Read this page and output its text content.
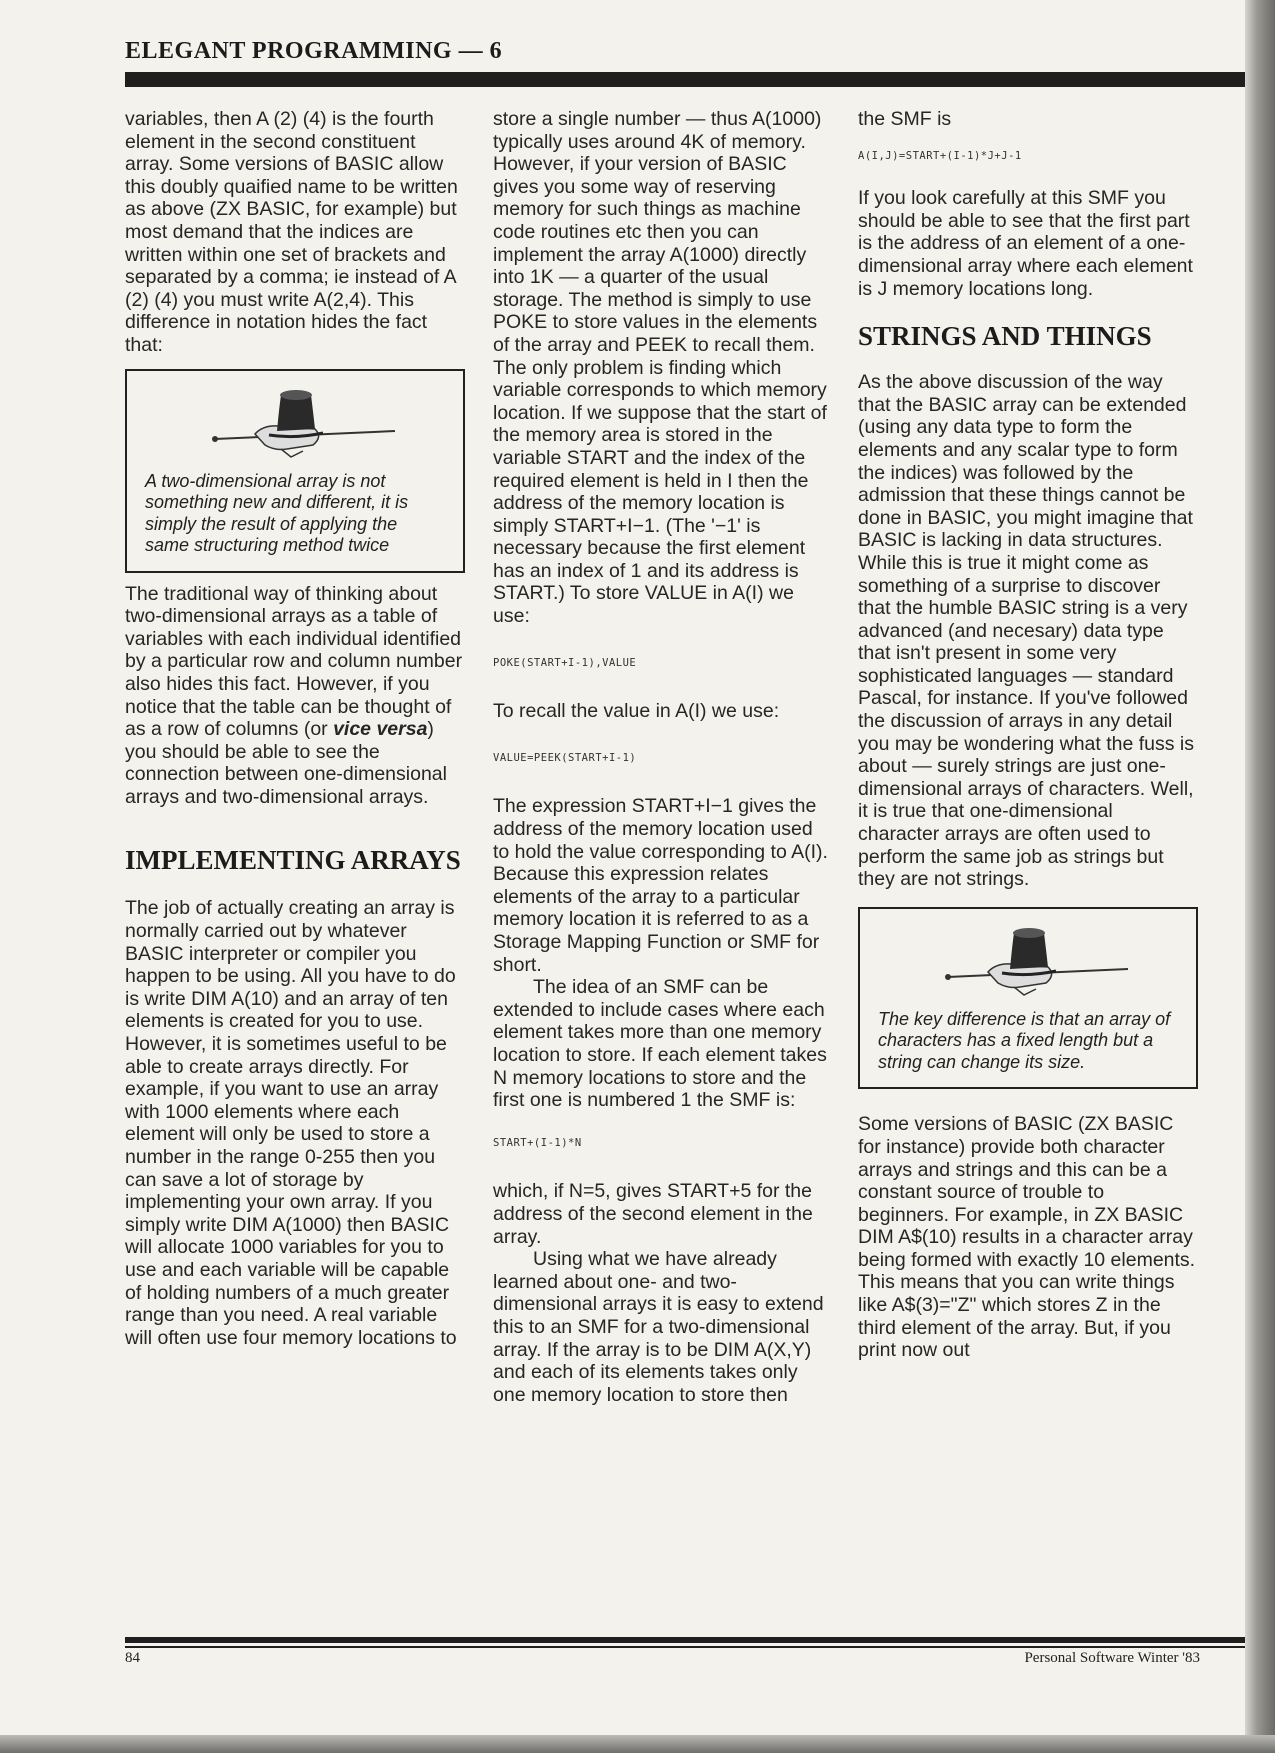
ELEGANT PROGRAMMING — 6

variables, then A (2) (4) is the fourth element in the second constituent array. Some versions of BASIC allow this doubly quaified name to be written as above (ZX BASIC, for example) but most demand that the indices are written within one set of brackets and separated by a comma; ie instead of A (2) (4) you must write A(2,4). This difference in notation hides the fact that:

A two-dimensional array is not something new and different, it is simply the result of applying the same structuring method twice

The traditional way of thinking about two-dimensional arrays as a table of variables with each individual identified by a particular row and column number also hides this fact. However, if you notice that the table can be thought of as a row of columns (or vice versa) you should be able to see the connection between one-dimensional arrays and two-dimensional arrays.

IMPLEMENTING ARRAYS

The job of actually creating an array is normally carried out by whatever BASIC interpreter or compiler you happen to be using. All you have to do is write DIM A(10) and an array of ten elements is created for you to use. However, it is sometimes useful to be able to create arrays directly. For example, if you want to use an array with 1000 elements where each element will only be used to store a number in the range 0-255 then you can save a lot of storage by implementing your own array. If you simply write DIM A(1000) then BASIC will allocate 1000 variables for you to use and each variable will be capable of holding numbers of a much greater range than you need. A real variable will often use four memory locations to

store a single number — thus A(1000) typically uses around 4K of memory. However, if your version of BASIC gives you some way of reserving memory for such things as machine code routines etc then you can implement the array A(1000) directly into 1K — a quarter of the usual storage. The method is simply to use POKE to store values in the elements of the array and PEEK to recall them. The only problem is finding which variable corresponds to which memory location. If we suppose that the start of the memory area is stored in the variable START and the index of the required element is held in I then the address of the memory location is simply START+I−1. (The '−1' is necessary because the first element has an index of 1 and its address is START.) To store VALUE in A(I) we use:

POKE(START+I-1),VALUE

To recall the value in A(I) we use:

VALUE=PEEK(START+I-1)

The expression START+I−1 gives the address of the memory location used to hold the value corresponding to A(I). Because this expression relates elements of the array to a particular memory location it is referred to as a Storage Mapping Function or SMF for short.

The idea of an SMF can be extended to include cases where each element takes more than one memory location to store. If each element takes N memory locations to store and the first one is numbered 1 the SMF is:

START+(I-1)*N

which, if N=5, gives START+5 for the address of the second element in the array.

Using what we have already learned about one- and two-dimensional arrays it is easy to extend this to an SMF for a two-dimensional array. If the array is to be DIM A(X,Y) and each of its elements takes only one memory location to store then

the SMF is

A(I,J)=START+(I-1)*J+J-1

If you look carefully at this SMF you should be able to see that the first part is the address of an element of a one-dimensional array where each element is J memory locations long.

STRINGS AND THINGS

As the above discussion of the way that the BASIC array can be extended (using any data type to form the elements and any scalar type to form the indices) was followed by the admission that these things cannot be done in BASIC, you might imagine that BASIC is lacking in data structures. While this is true it might come as something of a surprise to discover that the humble BASIC string is a very advanced (and necesary) data type that isn't present in some very sophisticated languages — standard Pascal, for instance. If you've followed the discussion of arrays in any detail you may be wondering what the fuss is about — surely strings are just one-dimensional arrays of characters. Well, it is true that one-dimensional character arrays are often used to perform the same job as strings but they are not strings.

The key difference is that an array of characters has a fixed length but a string can change its size.

Some versions of BASIC (ZX BASIC for instance) provide both character arrays and strings and this can be a constant source of trouble to beginners. For example, in ZX BASIC DIM A$(10) results in a character array being formed with exactly 10 elements. This means that you can write things like A$(3)="Z" which stores Z in the third element of the array. But, if you print now out

84	Personal Software Winter '83
